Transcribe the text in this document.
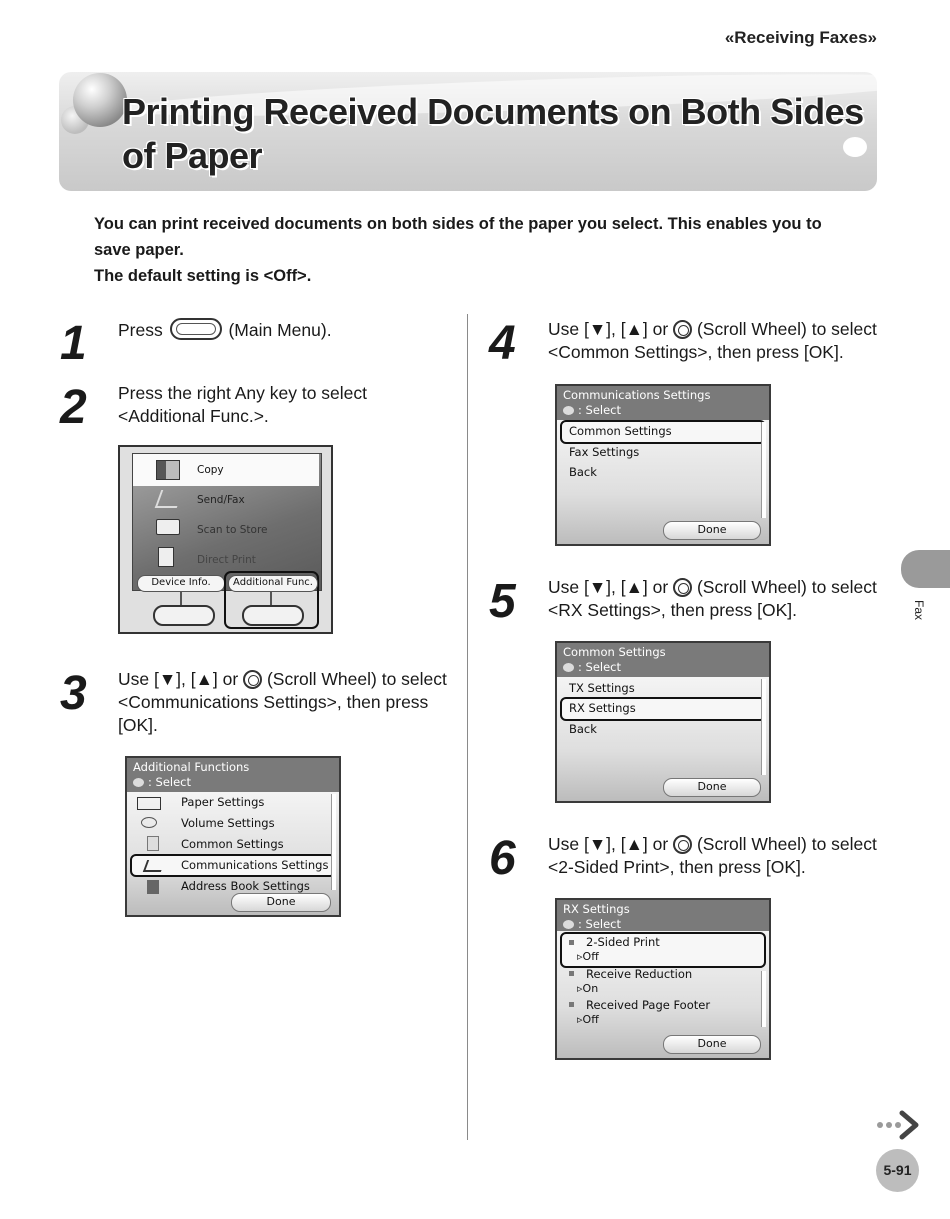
«Receiving Faxes»
Printing Received Documents on Both Sides
of Paper
You can print received documents on both sides of the paper you select. This enables you to
save paper.
The default setting is <Off>.
1 Press	(Main Menu).
2 Press the right Any key to select
<Additional Func.>.
Copy
Send/Fax
Scan to Store
Direct Print
Device Info.	Additional Func.
3 Use [▼], [▲] or (Scroll Wheel) to select
<Communications Settings>, then press
[OK].
Additional Functions
: Select
Paper Settings
Volume Settings
Common Settings
Communications Settings
Address Book Settings
Done
4 Use [▼], [▲] or (Scroll Wheel) to select
<Common Settings>, then press [OK].
Communications Settings
: Select
Common Settings
Fax Settings
Back
Done
5 Use [▼], [▲] or (Scroll Wheel) to select
<RX Settings>, then press [OK].
Common Settings
: Select
TX Settings
RX Settings
Back
Done
6 Use [▼], [▲] or (Scroll Wheel) to select
<2-Sided Print>, then press [OK].
RX Settings
: Select
2-Sided Print
▹Off
Receive Reduction
▹On
Received Page Footer
▹Off
Done
Fax
5-91
